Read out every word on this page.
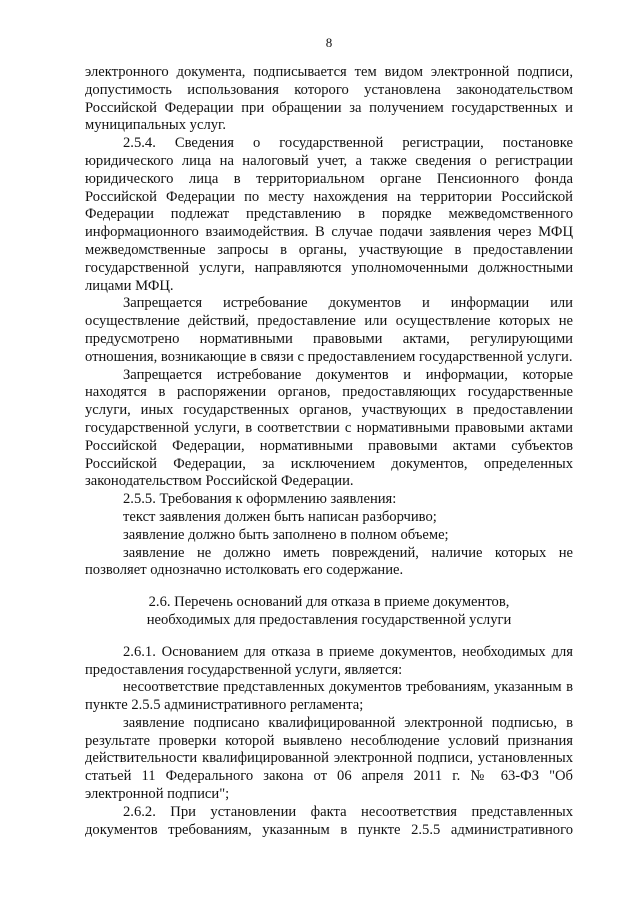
8

электронного документа, подписывается тем видом электронной подписи, допустимость использования которого установлена законодательством Российской Федерации при обращении за получением государственных и муниципальных услуг.

2.5.4. Сведения о государственной регистрации, постановке юридического лица на налоговый учет, а также сведения о регистрации юридического лица в территориальном органе Пенсионного фонда Российской Федерации по месту нахождения на территории Российской Федерации подлежат представлению в порядке межведомственного информационного взаимодействия. В случае подачи заявления через МФЦ межведомственные запросы в органы, участвующие в предоставлении государственной услуги, направляются уполномоченными должностными лицами МФЦ.

Запрещается истребование документов и информации или осуществление действий, предоставление или осуществление которых не предусмотрено нормативными правовыми актами, регулирующими отношения, возникающие в связи с предоставлением государственной услуги.

Запрещается истребование документов и информации, которые находятся в распоряжении органов, предоставляющих государственные услуги, иных государственных органов, участвующих в предоставлении государственной услуги, в соответствии с нормативными правовыми актами Российской Федерации, нормативными правовыми актами субъектов Российской Федерации, за исключением документов, определенных законодательством Российской Федерации.

2.5.5. Требования к оформлению заявления:

текст заявления должен быть написан разборчиво;

заявление должно быть заполнено в полном объеме;

заявление не должно иметь повреждений, наличие которых не позволяет однозначно истолковать его содержание.

2.6. Перечень оснований для отказа в приеме документов,
необходимых для предоставления государственной услуги

2.6.1. Основанием для отказа в приеме документов, необходимых для предоставления государственной услуги, является:

несоответствие представленных документов требованиям, указанным в пункте 2.5.5 административного регламента;

заявление подписано квалифицированной электронной подписью, в результате проверки которой выявлено несоблюдение условий признания действительности квалифицированной электронной подписи, установленных статьей 11 Федерального закона от 06 апреля 2011 г. № 63-ФЗ "Об электронной подписи";

2.6.2. При установлении факта несоответствия представленных документов требованиям, указанным в пункте 2.5.5 административного
